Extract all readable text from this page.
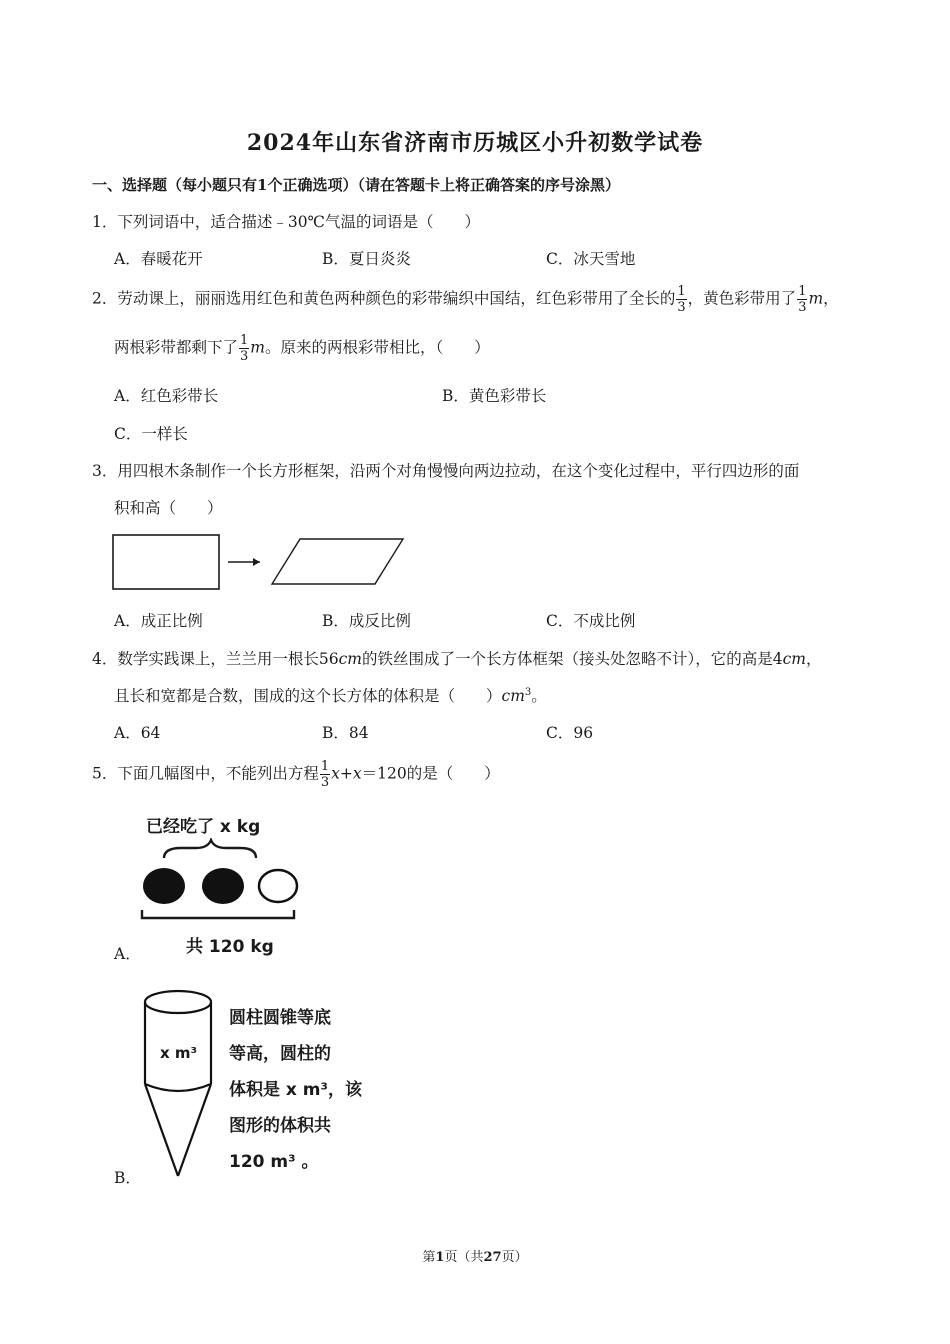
2024年山东省济南市历城区小升初数学试卷
一、选择题（每小题只有1个正确选项）（请在答题卡上将正确答案的序号涂黑）
1．下列词语中，适合描述﹣30℃气温的词语是（　　）
A．春暖花开	B．夏日炎炎	C．冰天雪地
2．劳动课上，丽丽选用红色和黄色两种颜色的彩带编织中国结，红色彩带用了全长的 $\frac{1}{3}$ ，黄色彩带用了 $\frac{1}{3}$ m，
两根彩带都剩下了 $\frac{1}{3}$ m。原来的两根彩带相比，（　　）
A．红色彩带长	B．黄色彩带长
C．一样长
3．用四根木条制作一个长方形框架，沿两个对角慢慢向两边拉动，在这个变化过程中，平行四边形的面
积和高（　　）
A．成正比例	B．成反比例	C．不成比例
4．数学实践课上，兰兰用一根长56cm的铁丝围成了一个长方体框架（接头处忽略不计），它的高是4cm，
且长和宽都是合数，围成的这个长方体的体积是（　　）$cm^3$。
A．64	B．84	C．96
5．下面几幅图中，不能列出方程 $\frac{1}{3} x+x=120$的是（　　）
已经吃了 x kg
共 120 kg
A．
x m³
圆柱圆锥等底
等高，圆柱的
体积是 x m³，该
图形的体积共
120 m³ 。
B．
第1页（共27页）
